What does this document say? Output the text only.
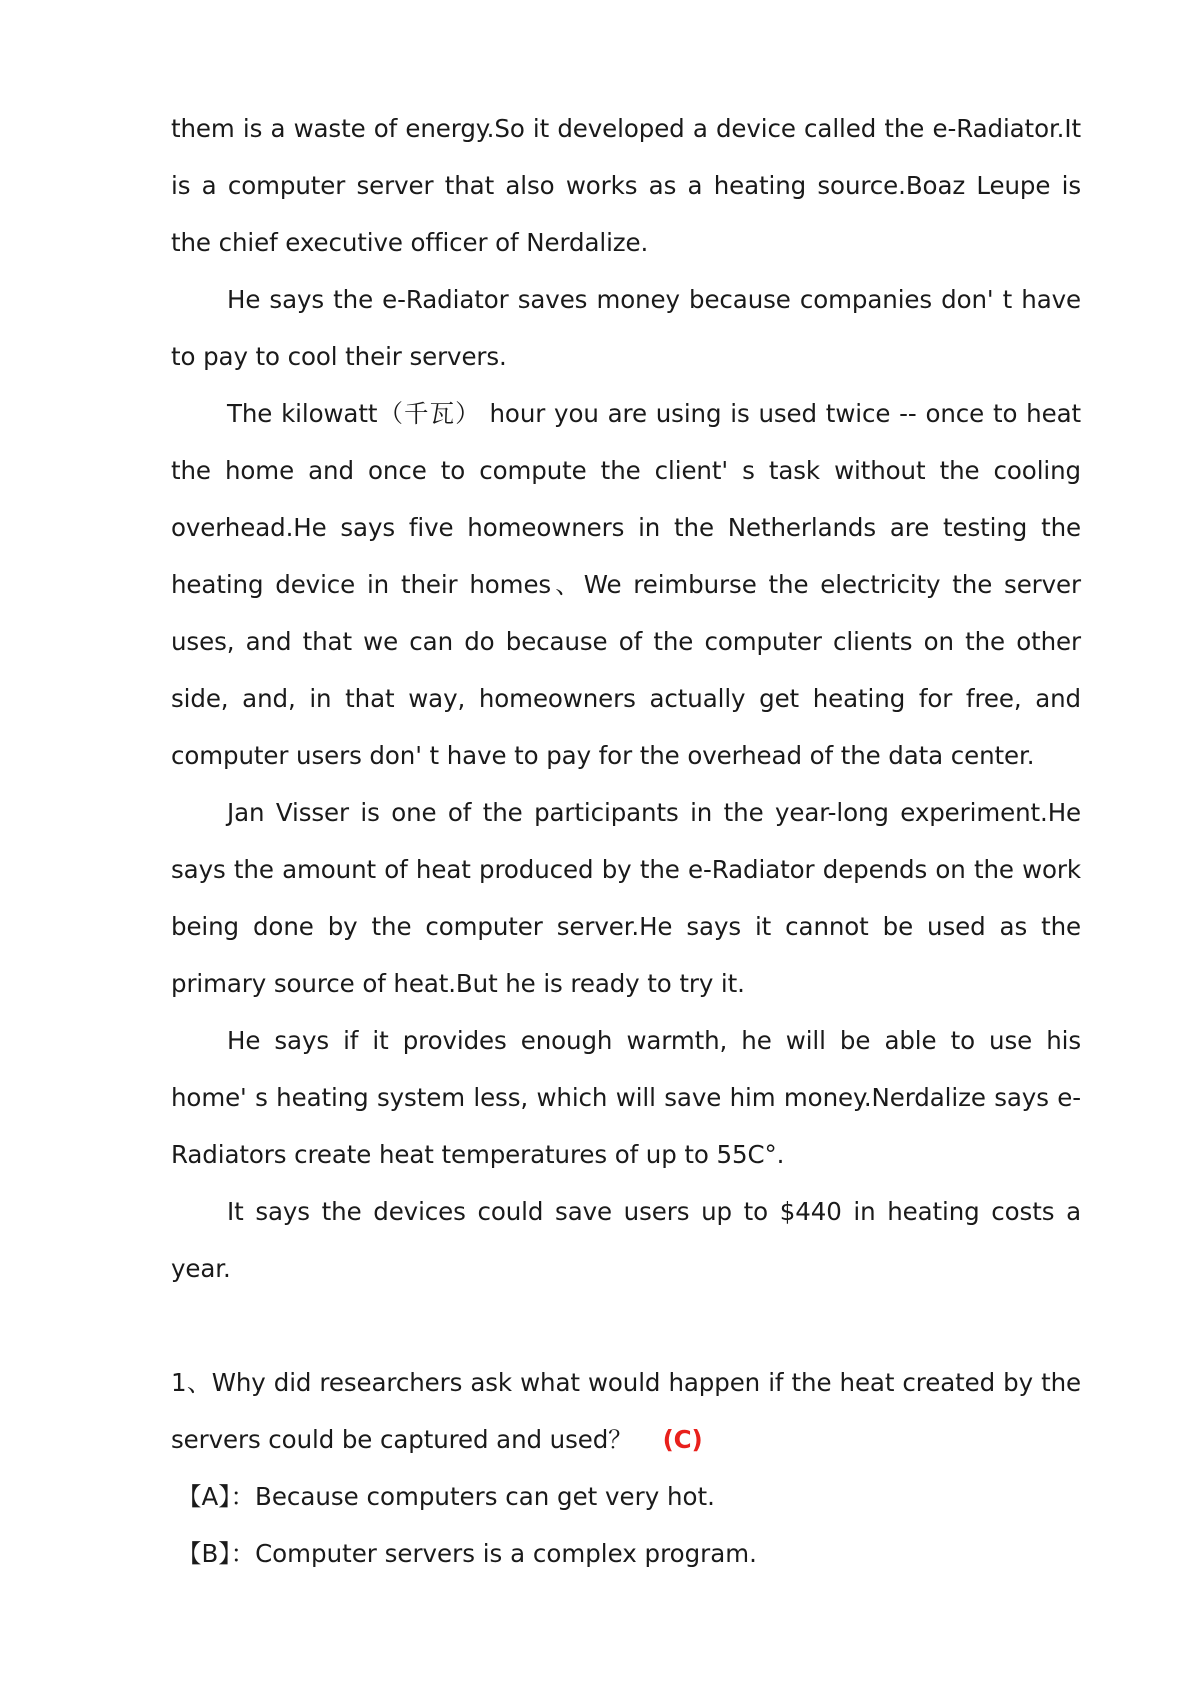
them is a waste of energy.So it developed a device called the e-Radiator.It is a computer server that also works as a heating source.Boaz Leupe is the chief executive officer of Nerdalize.

He says the e-Radiator saves money because companies don' t have to pay to cool their servers.

The kilowatt（千瓦） hour you are using is used twice -- once to heat the home and once to compute the client' s task without the cooling overhead.He says five homeowners in the Netherlands are testing the heating device in their homes、We reimburse the electricity the server uses, and that we can do because of the computer clients on the other side, and, in that way, homeowners actually get heating for free, and computer users don' t have to pay for the overhead of the data center.

Jan Visser is one of the participants in the year-long experiment.He says the amount of heat produced by the e-Radiator depends on the work being done by the computer server.He says it cannot be used as the primary source of heat.But he is ready to try it.

He says if it provides enough warmth, he will be able to use his home' s heating system less, which will save him money.Nerdalize says e-Radiators create heat temperatures of up to 55C°.

It says the devices could save users up to $440 in heating costs a year.

1、Why did researchers ask what would happen if the heat created by the servers could be captured and used？ (C)

【A】：Because computers can get very hot.

【B】：Computer servers is a complex program.
